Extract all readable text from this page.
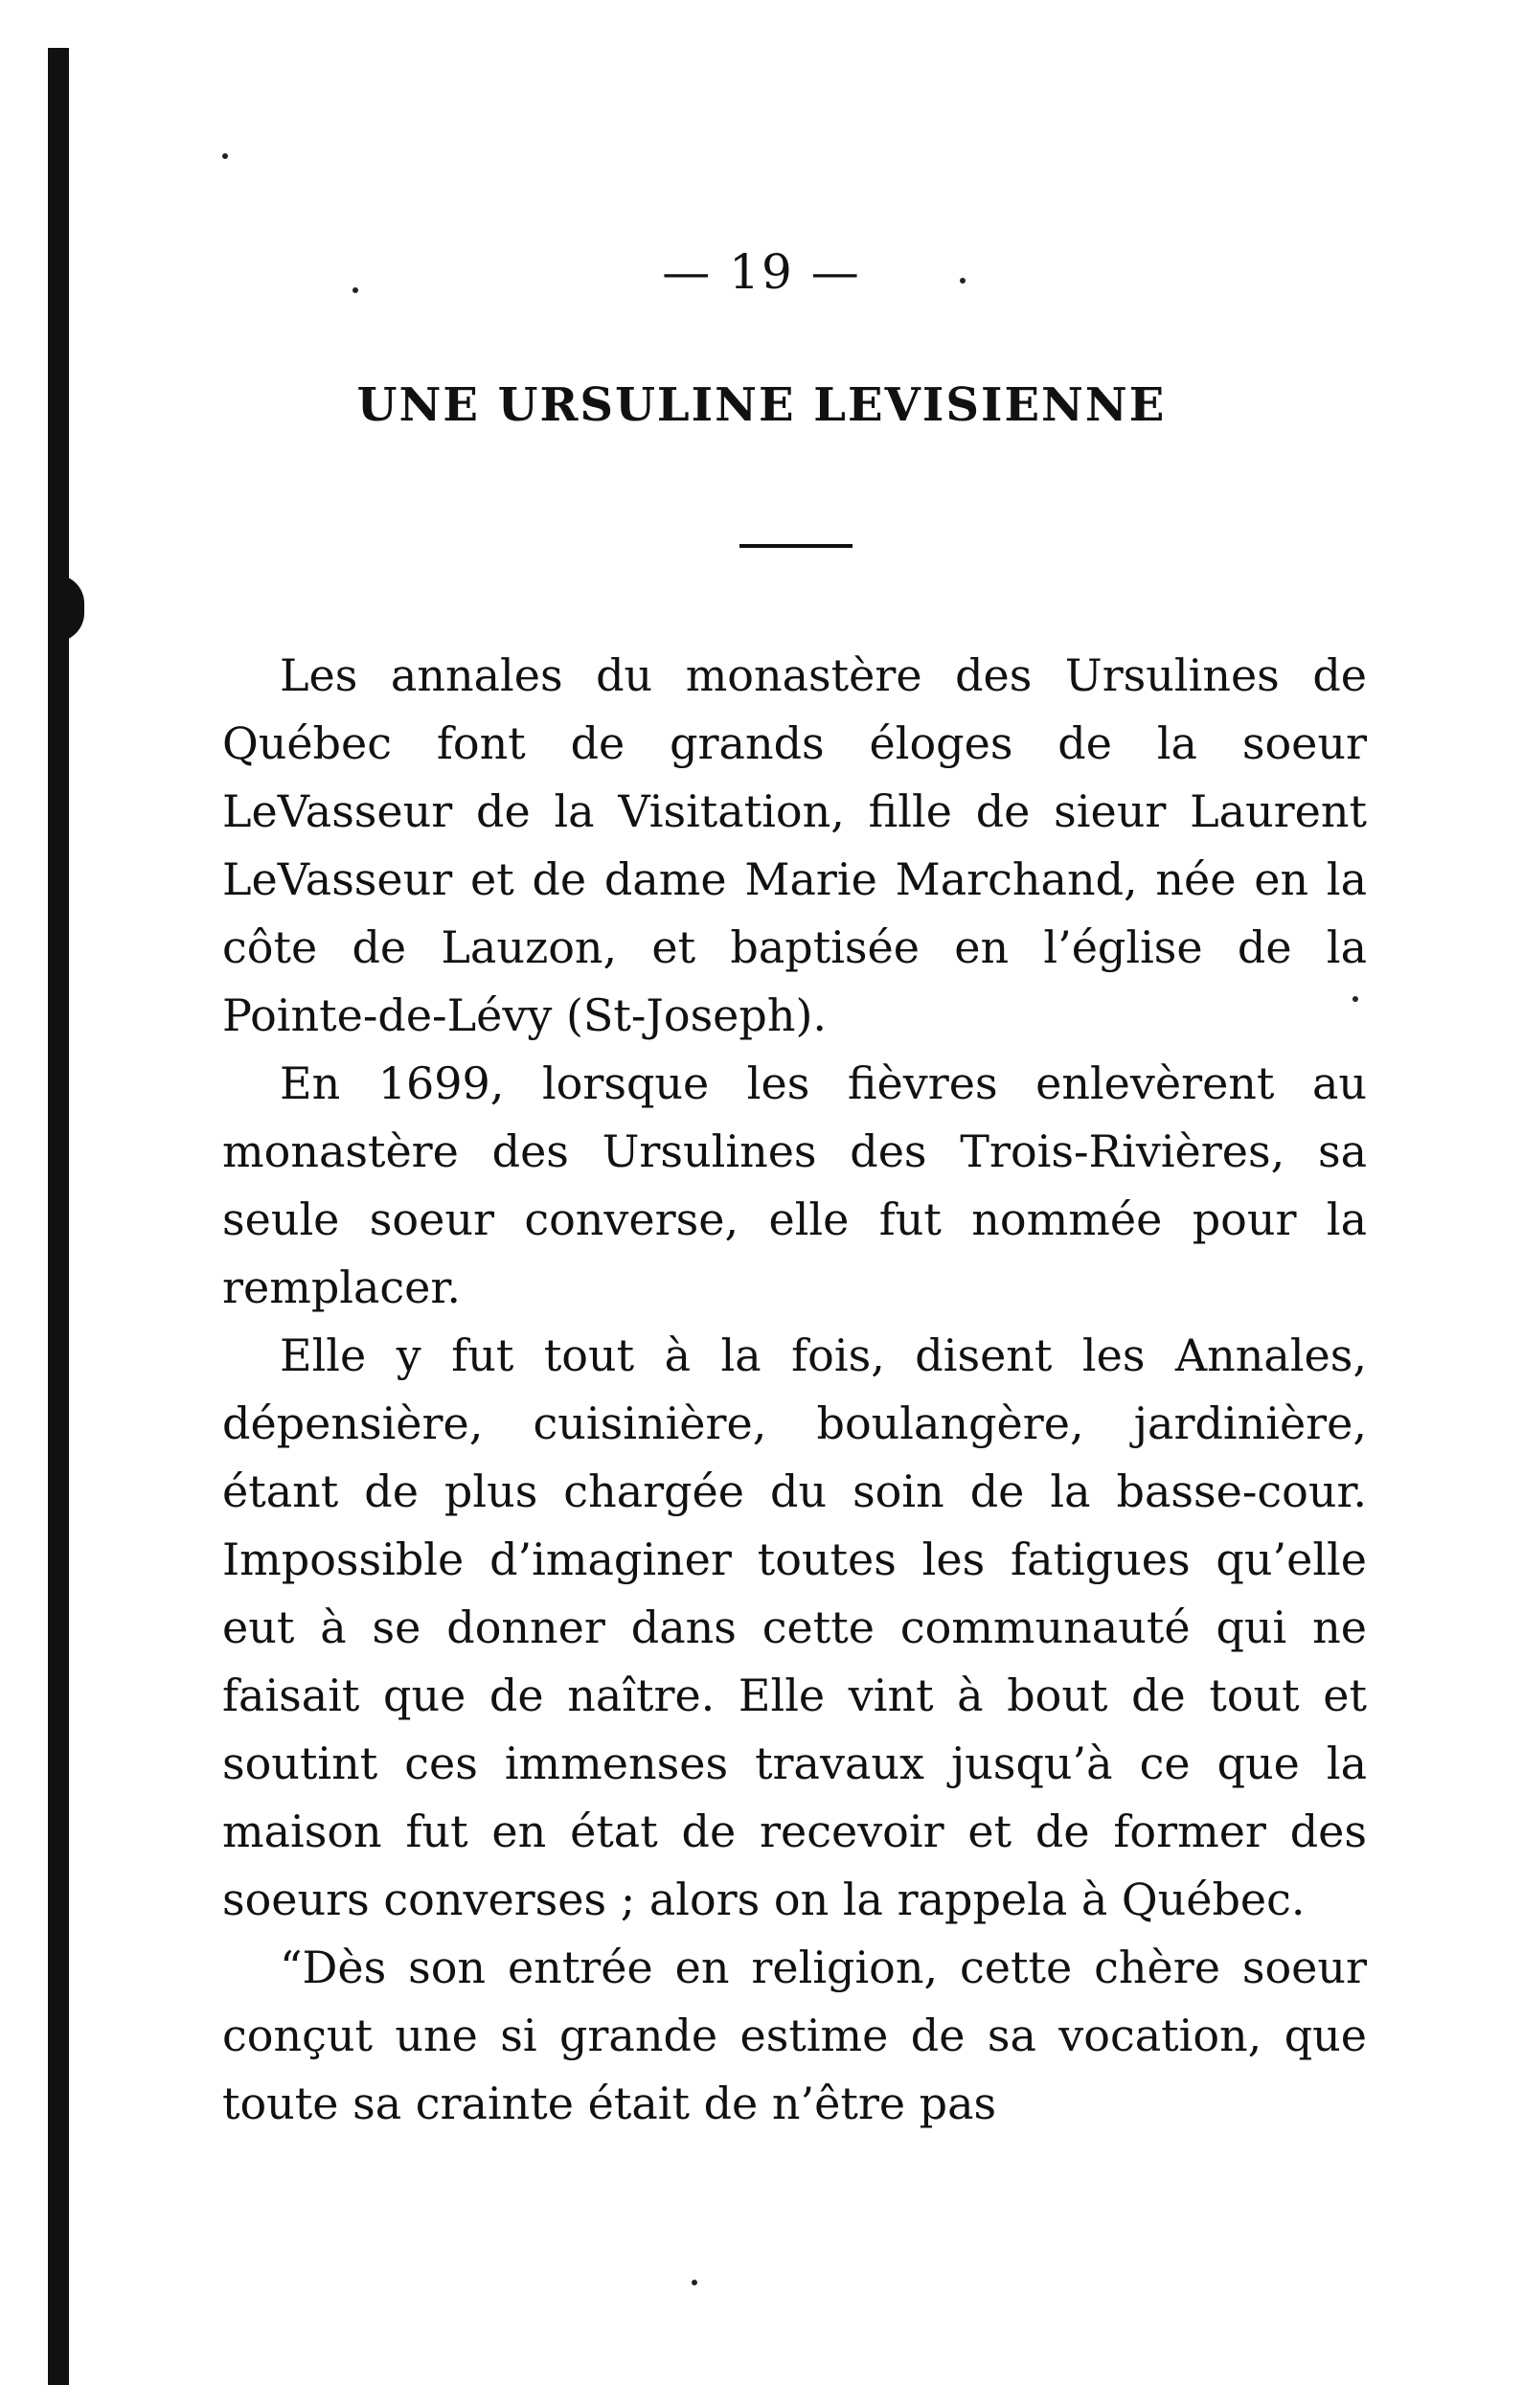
— 19 —
UNE URSULINE LEVISIENNE

Les annales du monastère des Ursulines de Québec font de grands éloges de la soeur LeVasseur de la Visitation, fille de sieur Laurent LeVasseur et de dame Marie Marchand, née en la côte de Lauzon, et baptisée en l’église de la Pointe-de-Lévy (St-Joseph).

En 1699, lorsque les fièvres enlevèrent au monastère des Ursulines des Trois-Rivières, sa seule soeur converse, elle fut nommée pour la remplacer.

Elle y fut tout à la fois, disent les Annales, dépensière, cuisinière, boulangère, jardinière, étant de plus chargée du soin de la basse-cour. Impossible d’imaginer toutes les fatigues qu’elle eut à se donner dans cette communauté qui ne faisait que de naître. Elle vint à bout de tout et soutint ces immenses travaux jusqu’à ce que la maison fut en état de recevoir et de former des soeurs converses ; alors on la rappela à Québec.

“Dès son entrée en religion, cette chère soeur conçut une si grande estime de sa vocation, que toute sa crainte était de n’être pas
